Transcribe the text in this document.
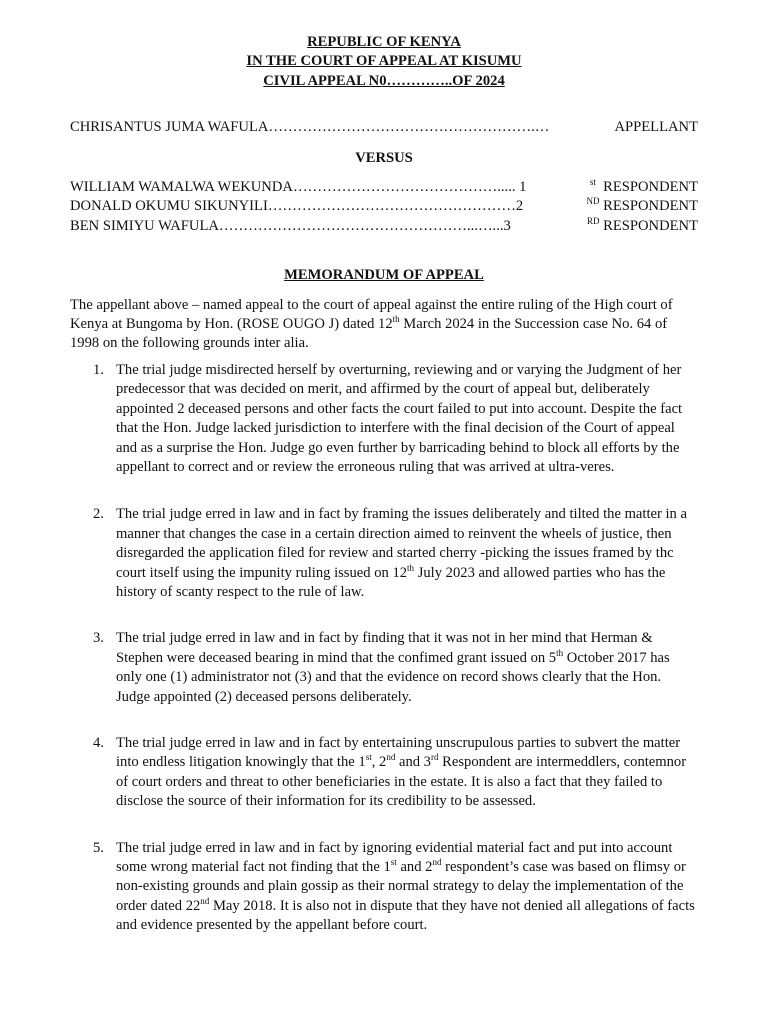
REPUBLIC OF KENYA
IN THE COURT OF APPEAL AT KISUMU
CIVIL APPEAL N0…………..OF 2024
CHRISANTUS JUMA WAFULA ……………………………………………….…	APPELLANT
VERSUS
WILLIAM WAMALWA WEKUNDA ……………………………………..... 1	$^{st}$  RESPONDENT
DONALD OKUMU SIKUNYILI ……………………………………………2	$^{ND}$ RESPONDENT
BEN SIMIYU WAFULA ……………………………………………...…...3	$^{RD}$ RESPONDENT
MEMORANDUM OF APPEAL
The appellant above – named appeal to the court of appeal against the entire ruling of the High court of Kenya at Bungoma by Hon. (ROSE OUGO J) dated 12th March 2024 in the Succession case No. 64 of 1998 on the following grounds inter alia.
1. The trial judge misdirected herself by overturning, reviewing and or varying the Judgment of her predecessor that was decided on merit, and affirmed by the court of appeal but, deliberately appointed 2 deceased persons and other facts the court failed to put into account. Despite the fact that the Hon. Judge lacked jurisdiction to interfere with the final decision of the Court of appeal and as a surprise the Hon. Judge go even further by barricading behind to block all efforts by the appellant to correct and or review the erroneous ruling that was arrived at ultra-veres.
2. The trial judge erred in law and in fact by framing the issues deliberately and tilted the matter in a manner that changes the case in a certain direction aimed to reinvent the wheels of justice, then disregarded the application filed for review and started cherry -picking the issues framed by thc court itself using the impunity ruling issued on 12th July 2023 and allowed parties who has the history of scanty respect to the rule of law.
3. The trial judge erred in law and in fact by finding that it was not in her mind that Herman & Stephen were deceased bearing in mind that the confimed grant issued on 5th October 2017 has only one (1) administrator not (3) and that the evidence on record shows clearly that the Hon. Judge appointed (2) deceased persons deliberately.
4. The trial judge erred in law and in fact by entertaining unscrupulous parties to subvert the matter into endless litigation knowingly that the 1st, 2nd and 3rd Respondent are intermeddlers, contemnor of court orders and threat to other beneficiaries in the estate. It is also a fact that they failed to disclose the source of their information for its credibility to be assessed.
5. The trial judge erred in law and in fact by ignoring evidential material fact and put into account some wrong material fact not finding that the 1st and 2nd respondent’s case was based on flimsy or non-existing grounds and plain gossip as their normal strategy to delay the implementation of the order dated 22nd May 2018. It is also not in dispute that they have not denied all allegations of facts and evidence presented by the appellant before court.
